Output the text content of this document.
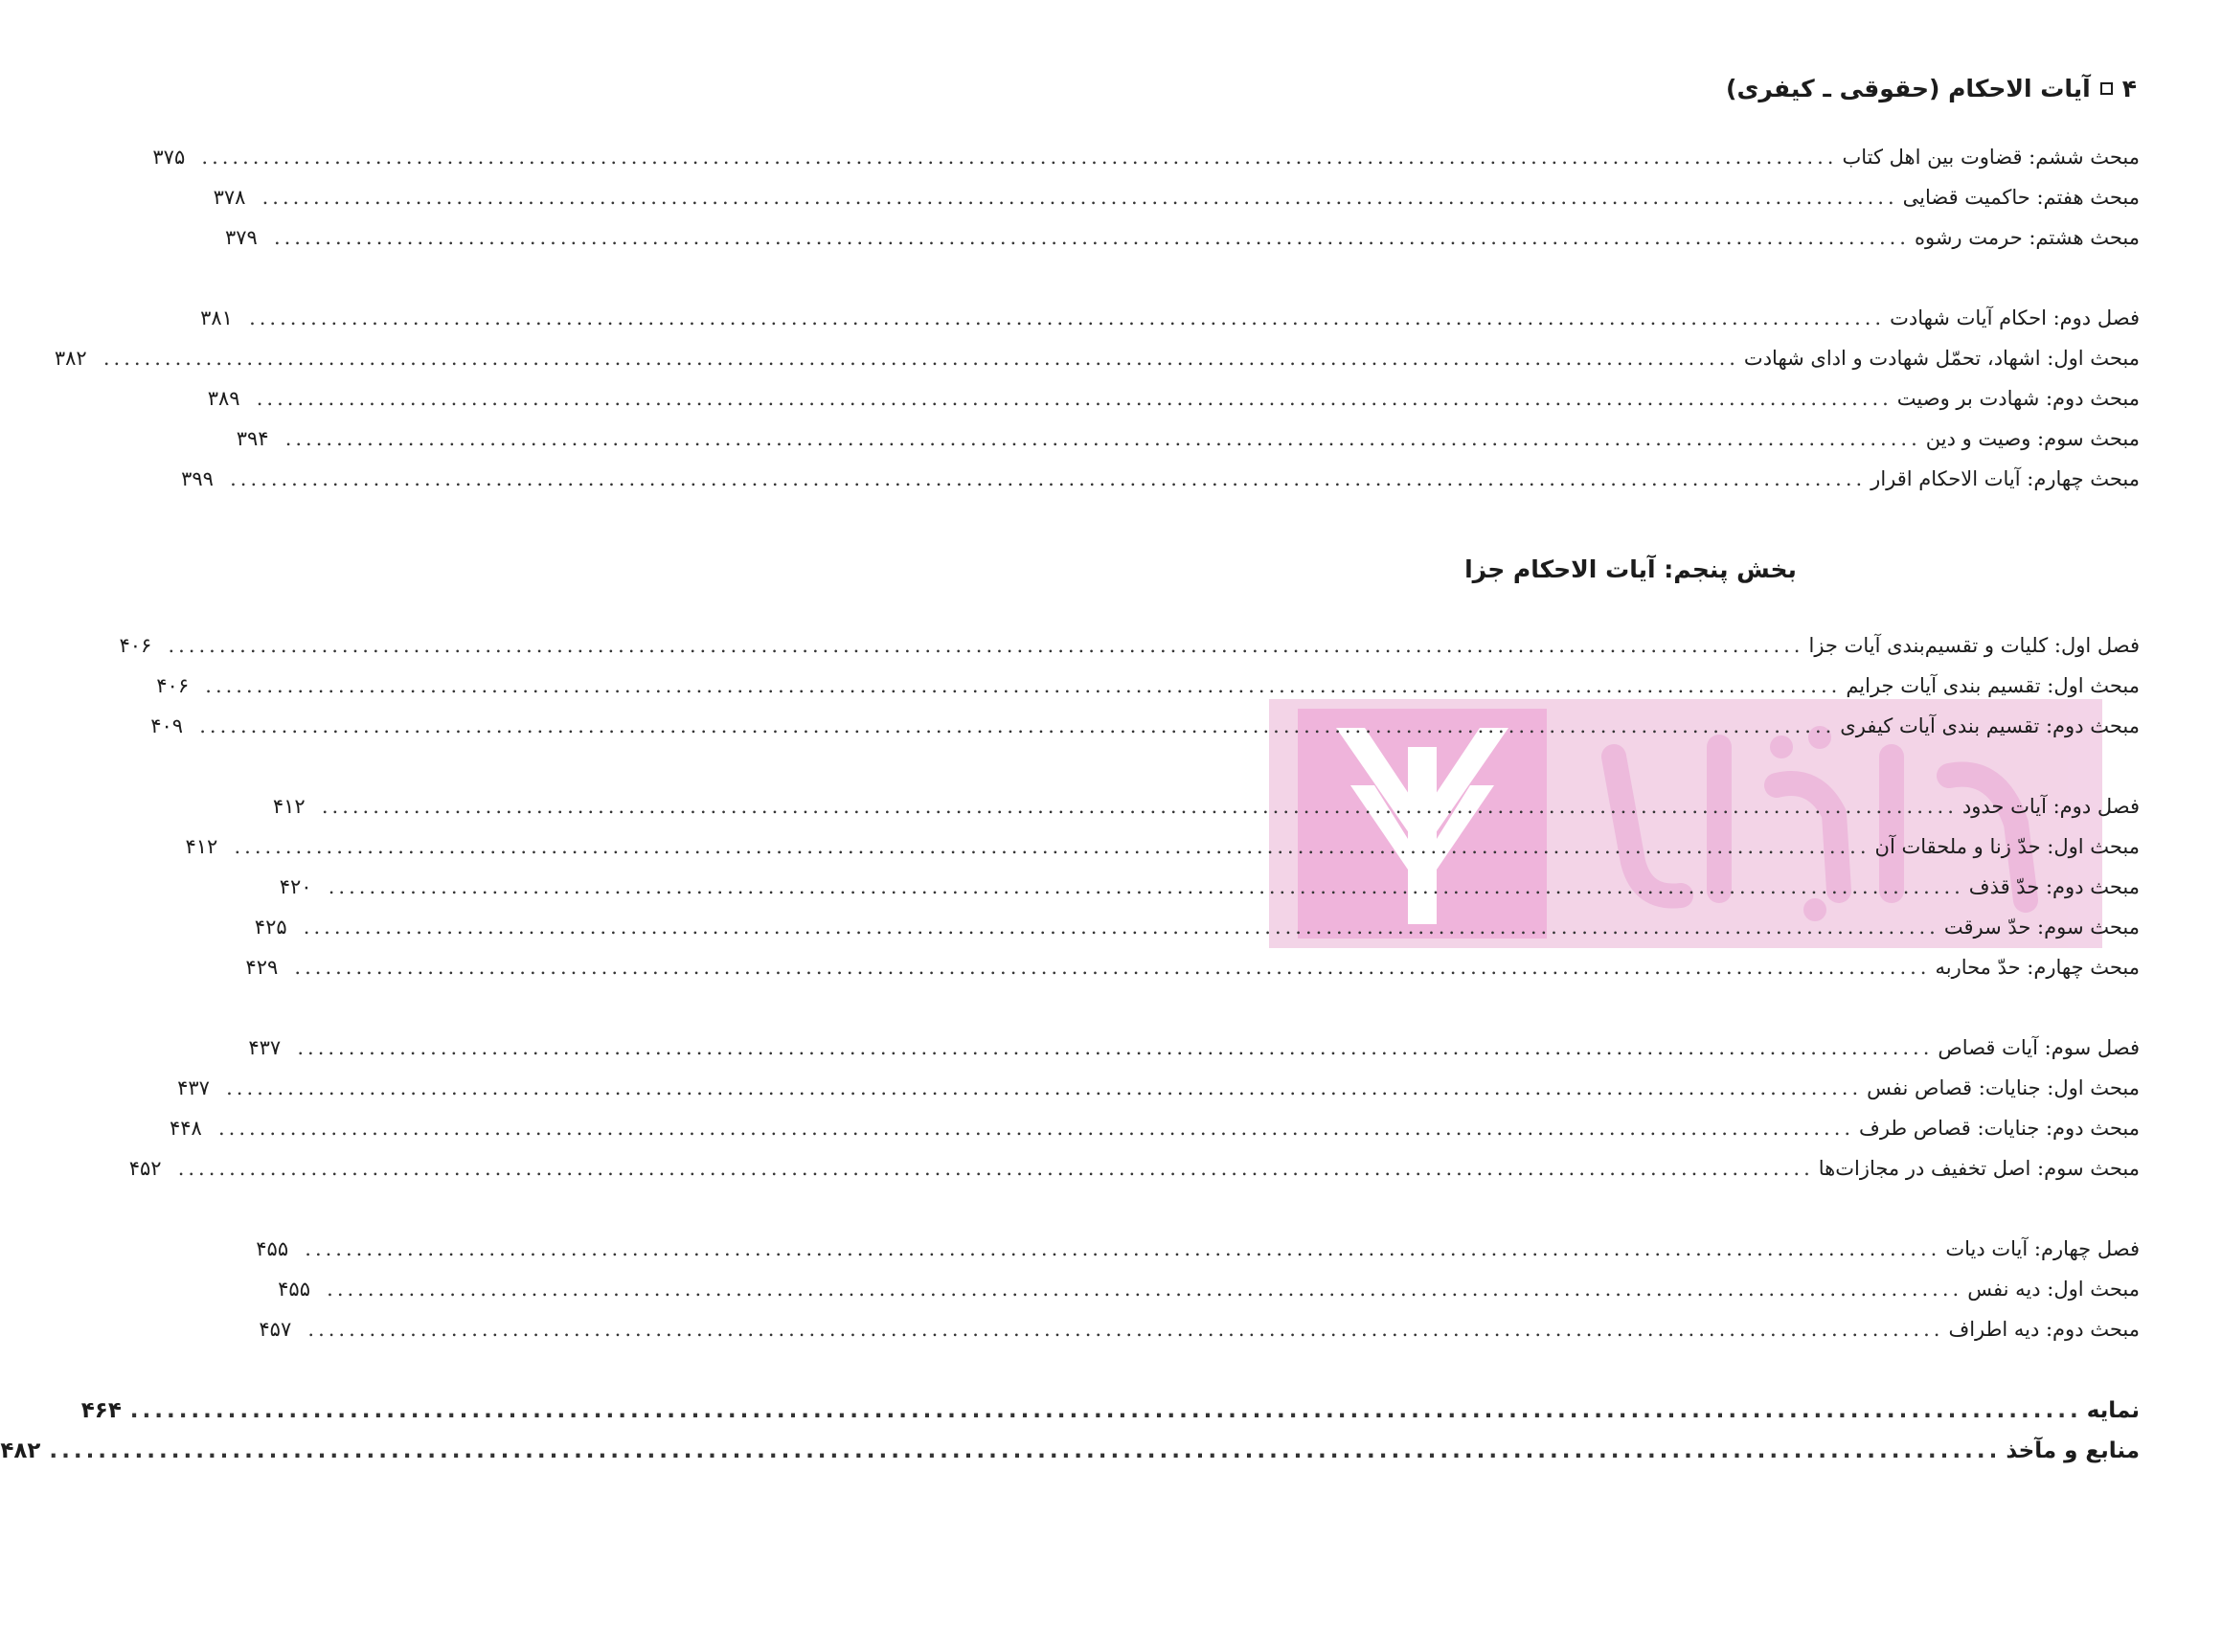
۴
آیات الاحکام (حقوقی ـ کیفری)
مبحث ششم: قضاوت بین اهل کتاب
................................................................................................................................................................
۳۷۵
مبحث هفتم: حاکمیت قضایی
................................................................................................................................................................
۳۷۸
مبحث هشتم: حرمت رشوه
................................................................................................................................................................
۳۷۹
فصل دوم: احکام آیات شهادت
................................................................................................................................................................
۳۸۱
مبحث اول: اشهاد، تحمّل شهادت و ادای شهادت
................................................................................................................................................................
۳۸۲
مبحث دوم: شهادت بر وصیت
................................................................................................................................................................
۳۸۹
مبحث سوم: وصیت و دین
................................................................................................................................................................
۳۹۴
مبحث چهارم: آیات الاحکام اقرار
................................................................................................................................................................
۳۹۹
فصل اول: کلیات و تقسیم‌بندی آیات جزا
................................................................................................................................................................
۴۰۶
مبحث اول: تقسیم بندی آیات جرایم
................................................................................................................................................................
۴۰۶
مبحث دوم: تقسیم بندی آیات کیفری
................................................................................................................................................................
۴۰۹
فصل دوم: آیات حدود
................................................................................................................................................................
۴۱۲
مبحث اول: حدّ زنا و ملحقات آن
................................................................................................................................................................
۴۱۲
مبحث دوم: حدّ قذف
................................................................................................................................................................
۴۲۰
مبحث سوم: حدّ سرقت
................................................................................................................................................................
۴۲۵
مبحث چهارم: حدّ محاربه
................................................................................................................................................................
۴۲۹
فصل سوم: آیات قصاص
................................................................................................................................................................
۴۳۷
مبحث اول: جنایات: قصاص نفس
................................................................................................................................................................
۴۳۷
مبحث دوم: جنایات: قصاص طرف
................................................................................................................................................................
۴۴۸
مبحث سوم: اصل تخفیف در مجازات‌ها
................................................................................................................................................................
۴۵۲
فصل چهارم: آیات دیات
................................................................................................................................................................
۴۵۵
مبحث اول: دیه نفس
................................................................................................................................................................
۴۵۵
مبحث دوم: دیه اطراف
................................................................................................................................................................
۴۵۷
نمایه
................................................................................................................................................................
۴۶۴
منابع و مآخذ
................................................................................................................................................................
۴۸۲
بخش پنجم: آیات الاحکام جزا
